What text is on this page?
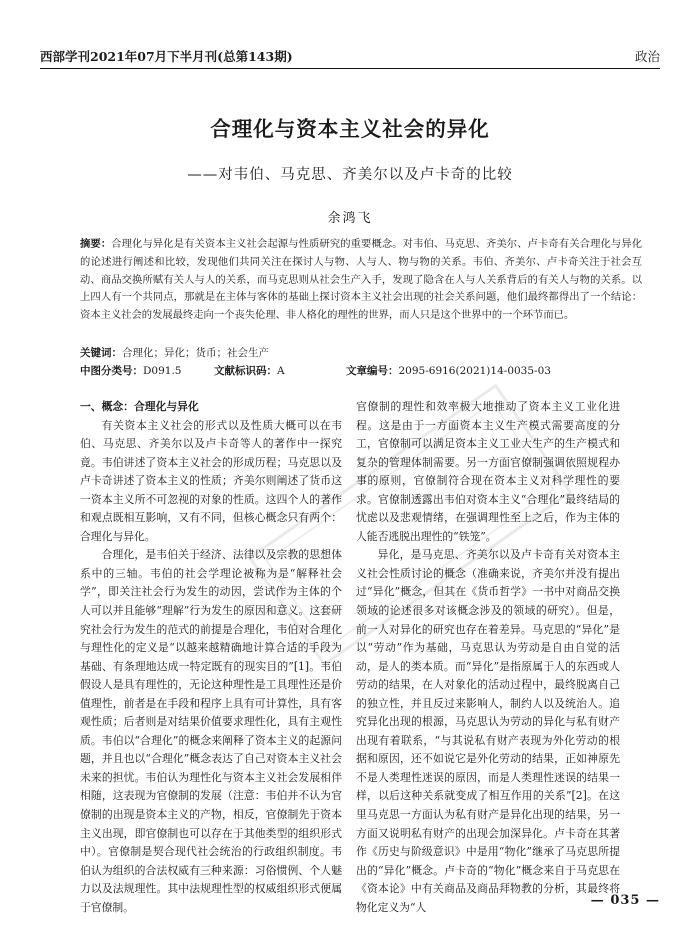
西部学刊2021年07月下半月刊(总第143期)	政治
合理化与资本主义社会的异化
——对韦伯、马克思、齐美尔以及卢卡奇的比较
余鸿飞
摘要：合理化与异化是有关资本主义社会起源与性质研究的重要概念。对韦伯、马克思、齐美尔、卢卡奇有关合理化与异化的论述进行阐述和比较，发现他们共同关注在探讨人与物、人与人、物与物的关系。韦伯、齐美尔、卢卡奇关注于社会互动、商品交换所赋有关人与人的关系，而马克思则从社会生产入手，发现了隐含在人与人关系背后的有关人与物的关系。以上四人有一个共同点，那就是在主体与客体的基础上探讨资本主义社会出现的社会关系问题，他们最终都得出了一个结论：资本主义社会的发展最终走向一个丧失伦理、非人格化的理性的世界，而人只是这个世界中的一个环节而已。
关键词：合理化；异化；货币；社会生产
中图分类号：D091.5	文献标识码：A	文章编号：2095-6916(2021)14-0035-03

一、概念：合理化与异化

有关资本主义社会的形式以及性质大概可以在韦伯、马克思、齐美尔以及卢卡奇等人的著作中一探究竟。韦伯讲述了资本主义社会的形成历程；马克思以及卢卡奇讲述了资本主义的性质；齐美尔则阐述了货币这一资本主义所不可忽视的对象的性质。这四个人的著作和观点既相互影响，又有不同，但核心概念只有两个：合理化与异化。

合理化，是韦伯关于经济、法律以及宗教的思想体系中的三轴。韦伯的社会学理论被称为是“解释社会学”，即关注社会行为发生的动因，尝试作为主体的个人可以并且能够“理解”行为发生的原因和意义。这套研究社会行为发生的范式的前提是合理化，韦伯对合理化与理性化的定义是“以越来越精确地计算合适的手段为基础、有条理地达成一特定既有的现实目的”[1]。韦伯假设人是具有理性的，无论这种理性是工具理性还是价值理性，前者是在手段和程序上具有可计算性，具有客观性质；后者则是对结果价值要求理性化，具有主观性质。韦伯以“合理化”的概念来阐释了资本主义的起源问题，并且也以“合理化”概念表达了自己对资本主义社会未来的担忧。韦伯认为理性化与资本主义社会发展相伴相随，这表现为官僚制的发展（注意：韦伯并不认为官僚制的出现是资本主义的产物，相反，官僚制先于资本主义出现，即官僚制也可以存在于其他类型的组织形式中）。官僚制是契合现代社会统治的行政组织制度。韦伯认为组织的合法权威有三种来源：习俗惯例、个人魅力以及法规理性。其中法规理性型的权威组织形式便属于官僚制。

官僚制的理性和效率极大地推动了资本主义工业化进程。这是由于一方面资本主义生产模式需要高度的分工，官僚制可以满足资本主义工业大生产的生产模式和复杂的管理体制需要。另一方面官僚制强调依照规程办事的原则，官僚制符合现在资本主义对科学理性的要求。官僚制透露出韦伯对资本主义“合理化”最终结局的忧虑以及悲观情绪，在强调理性至上之后，作为主体的人能否逃脱出理性的“铁笼”。

异化，是马克思、齐美尔以及卢卡奇有关对资本主义社会性质讨论的概念（准确来说，齐美尔并没有提出过“异化”概念，但其在《货币哲学》一书中对商品交换领域的论述很多对该概念涉及的领域的研究）。但是，前一人对异化的研究也存在着差异。马克思的“异化”是以“劳动”作为基础，马克思认为劳动是自由自觉的活动，是人的类本质。而“异化”是指原属于人的东西或人劳动的结果，在人对象化的活动过程中，最终脱离自己的独立性，并且反过来影响人，制约人以及统治人。追究异化出现的根源，马克思认为劳动的异化与私有财产出现有着联系，“与其说私有财产表现为外化劳动的根据和原因，还不如说它是外化劳动的结果，正如神原先不是人类理性迷误的原因，而是人类理性迷误的结果一样，以后这种关系就变成了相互作用的关系”[2]。在这里马克思一方面认为私有财产是异化出现的结果，另一方面又说明私有财产的出现会加深异化。卢卡奇在其著作《历史与阶级意识》中是用“物化”继承了马克思所提出的“异化”概念。卢卡奇的“物化”概念来自于马克思在《资本论》中有关商品及商品拜物教的分析，其最终将物化定义为“人	— 035 —
